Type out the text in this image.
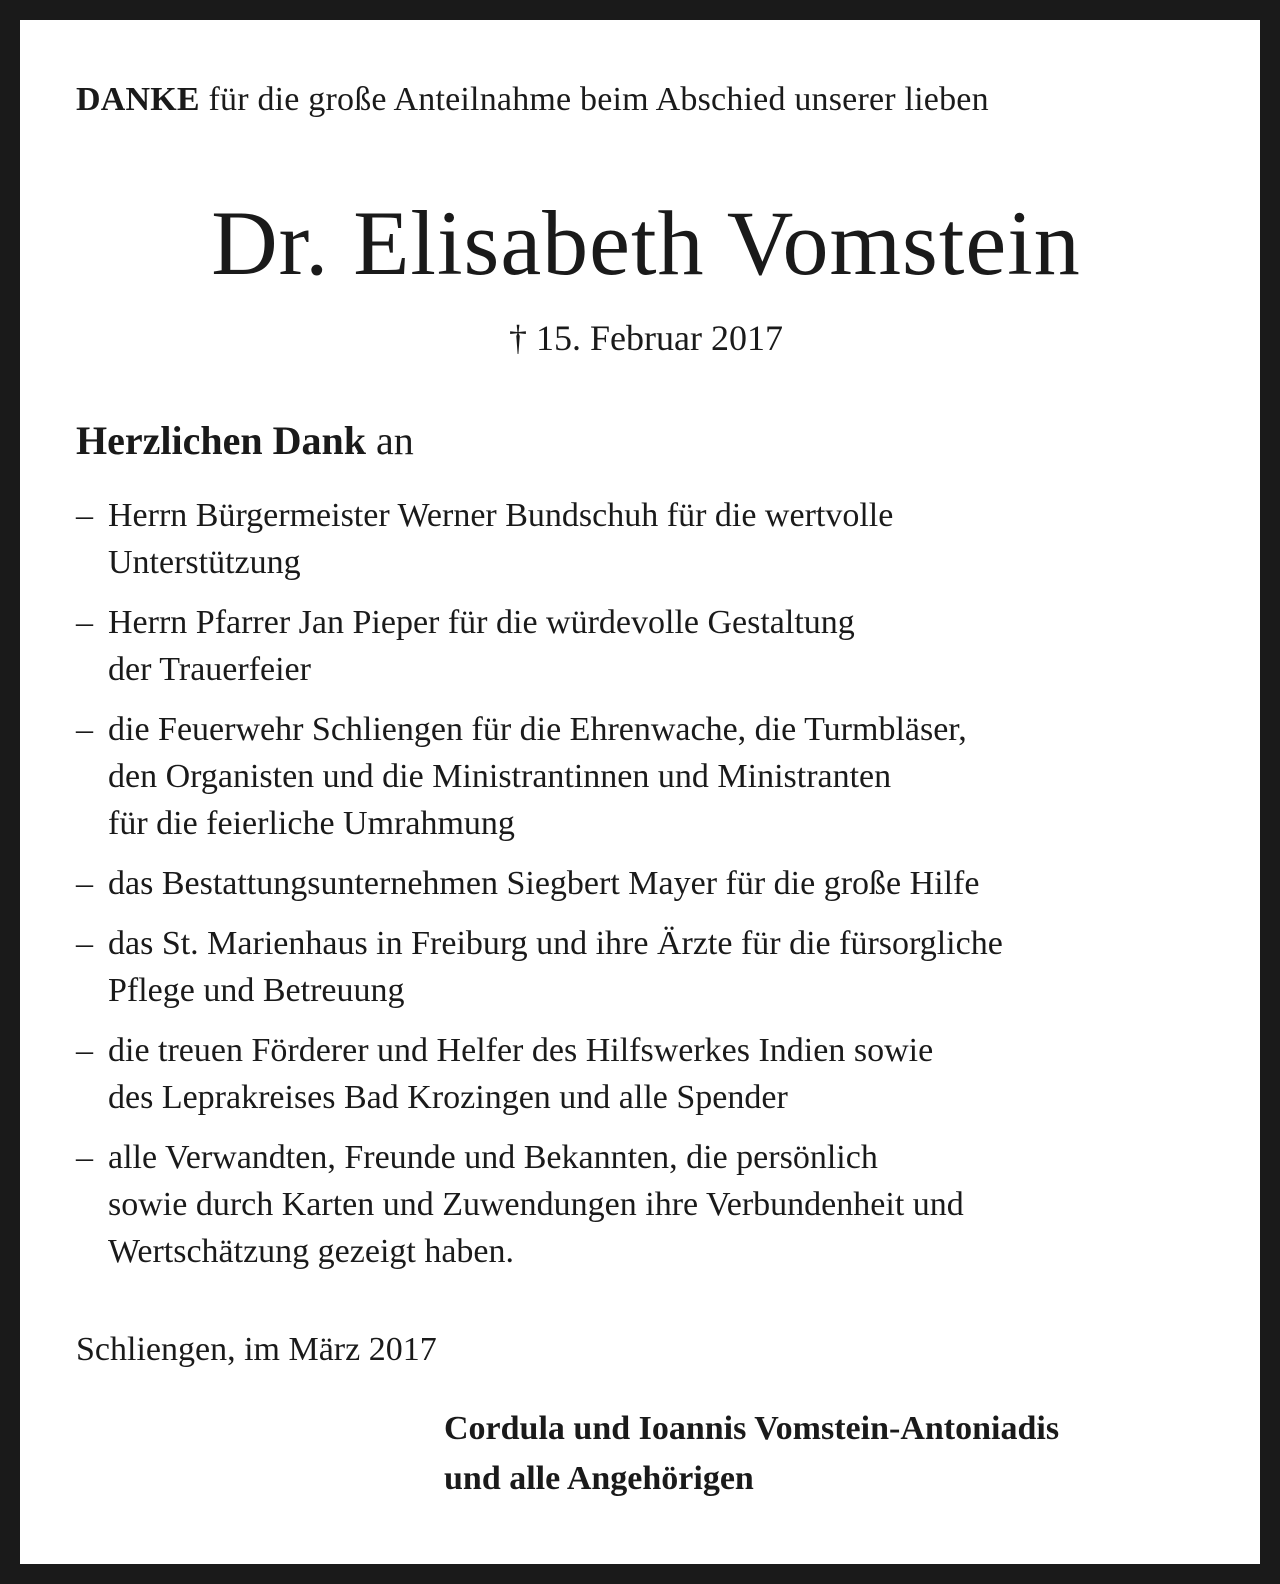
DANKE für die große Anteilnahme beim Abschied unserer lieben
Dr. Elisabeth Vomstein
† 15. Februar 2017
Herzlichen Dank an
– Herrn Bürgermeister Werner Bundschuh für die wertvolle
Unterstützung
– Herrn Pfarrer Jan Pieper für die würdevolle Gestaltung
der Trauerfeier
– die Feuerwehr Schliengen für die Ehrenwache, die Turmbläser,
den Organisten und die Ministrantinnen und Ministranten
für die feierliche Umrahmung
– das Bestattungsunternehmen Siegbert Mayer für die große Hilfe
– das St. Marienhaus in Freiburg und ihre Ärzte für die fürsorgliche
Pflege und Betreuung
– die treuen Förderer und Helfer des Hilfswerkes Indien sowie
des Leprakreises Bad Krozingen und alle Spender
– alle Verwandten, Freunde und Bekannten, die persönlich
sowie durch Karten und Zuwendungen ihre Verbundenheit und
Wertschätzung gezeigt haben.
Schliengen, im März 2017
Cordula und Ioannis Vomstein-Antoniadis
und alle Angehörigen
